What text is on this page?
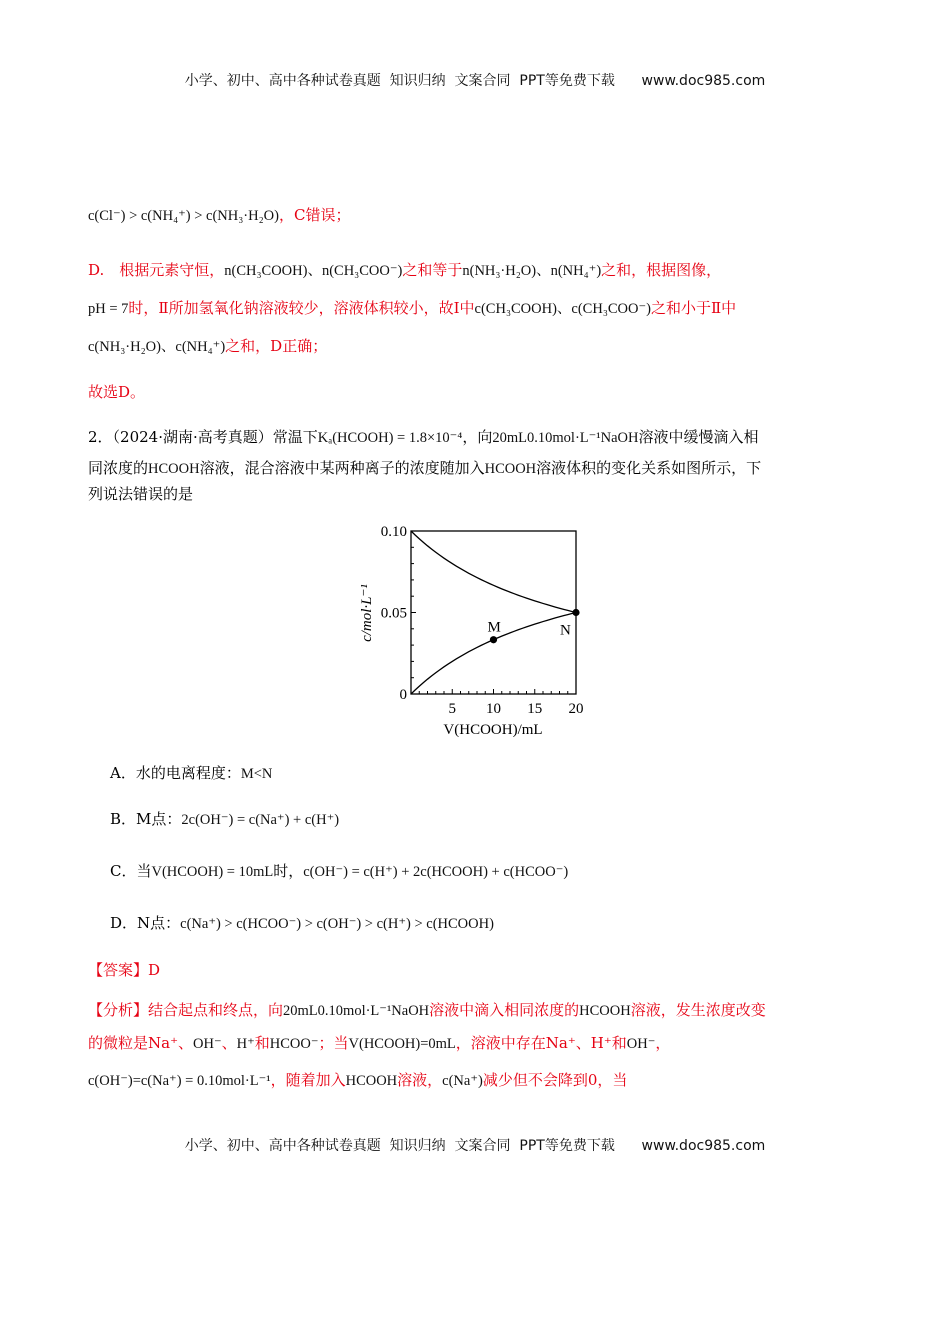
小学、初中、高中各种试卷真题  知识归纳  文案合同  PPT等免费下载      www.doc985.com
c(Cl⁻) > c(NH₄⁺) > c(NH₃·H₂O)，C错误；
D.　根据元素守恒，n(CH₃COOH)、n(CH₃COO⁻)之和等于n(NH₃·H₂O)、n(NH₄⁺)之和，根据图像，
pH = 7时，Ⅱ所加氢氧化钠溶液较少，溶液体积较小，故Ⅰ中c(CH₃COOH)、c(CH₃COO⁻)之和小于Ⅱ中
c(NH₃·H₂O)、c(NH₄⁺)之和，D正确；
故选D。
2．（2024·湖南·高考真题）常温下Kₐ(HCOOH) = 1.8×10⁻⁴，向20mL0.10mol·L⁻¹NaOH溶液中缓慢滴入相
同浓度的HCOOH溶液，混合溶液中某两种离子的浓度随加入HCOOH溶液体积的变化关系如图所示，下
列说法错误的是
M	N
0
0.05
0.10
5 10 15 20
V(HCOOH)/mL
c/mol·L⁻¹
A．水的电离程度：M<N
B．M点：2c(OH⁻) = c(Na⁺) + c(H⁺)
C．当V(HCOOH) = 10mL时，c(OH⁻) = c(H⁺) + 2c(HCOOH) + c(HCOO⁻)
D．N点：c(Na⁺) > c(HCOO⁻) > c(OH⁻) > c(H⁺) > c(HCOOH)
【答案】D
【分析】结合起点和终点，向20mL0.10mol·L⁻¹NaOH溶液中滴入相同浓度的HCOOH溶液，发生浓度改变
的微粒是Na⁺、OH⁻、H⁺和HCOO⁻；当V(HCOOH)=0mL，溶液中存在Na⁺、H⁺和OH⁻，
c(OH⁻)=c(Na⁺) = 0.10mol·L⁻¹，随着加入HCOOH溶液，c(Na⁺)减少但不会降到0，当
小学、初中、高中各种试卷真题  知识归纳  文案合同  PPT等免费下载      www.doc985.com
